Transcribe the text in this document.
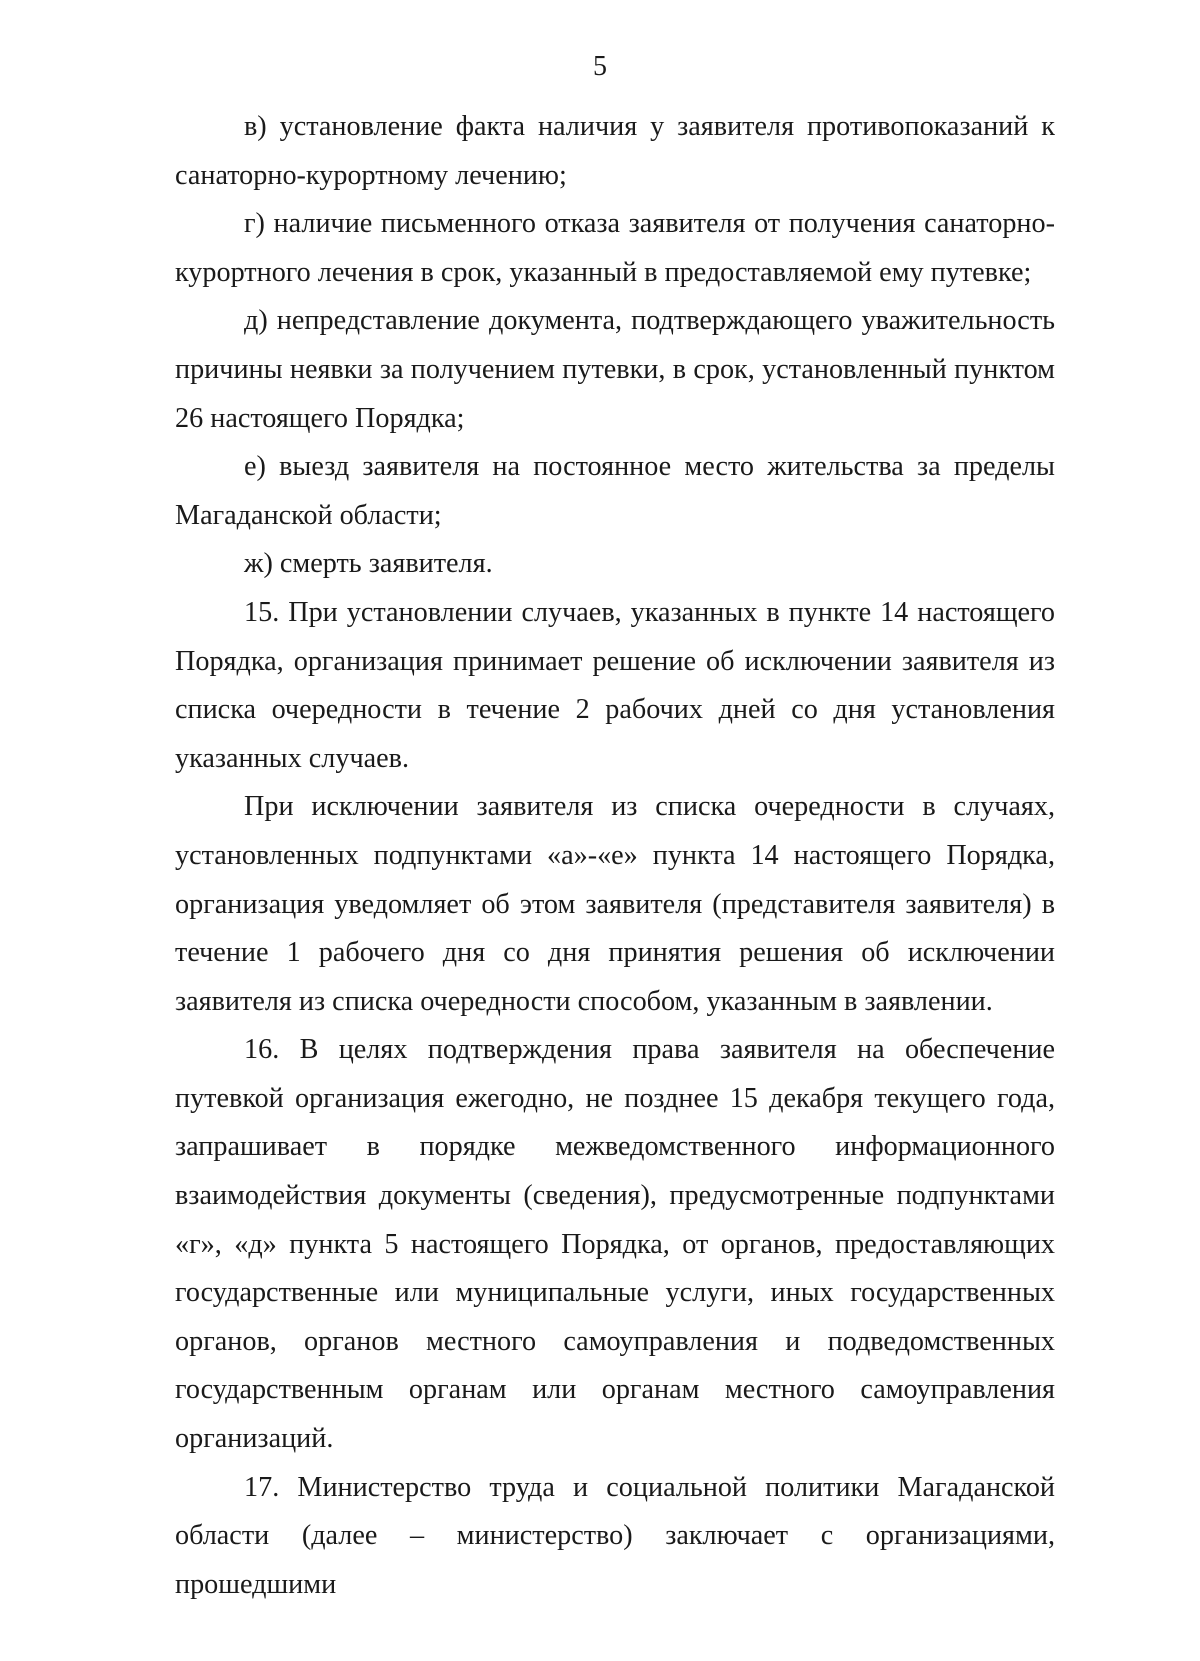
5

в) установление факта наличия у заявителя противопоказаний к санаторно-курортному лечению;

г) наличие письменного отказа заявителя от получения санаторно-курортного лечения в срок, указанный в предоставляемой ему путевке;

д) непредставление документа, подтверждающего уважительность причины неявки за получением путевки, в срок, установленный пунктом 26 настоящего Порядка;

е) выезд заявителя на постоянное место жительства за пределы Магаданской области;

ж) смерть заявителя.

15. При установлении случаев, указанных в пункте 14 настоящего Порядка, организация принимает решение об исключении заявителя из списка очередности в течение 2 рабочих дней со дня установления указанных случаев.

При исключении заявителя из списка очередности в случаях, установленных подпунктами «а»-«е» пункта 14 настоящего Порядка, организация уведомляет об этом заявителя (представителя заявителя) в течение 1 рабочего дня со дня принятия решения об исключении заявителя из списка очередности способом, указанным в заявлении.

16. В целях подтверждения права заявителя на обеспечение путевкой организация ежегодно, не позднее 15 декабря текущего года, запрашивает в порядке межведомственного информационного взаимодействия документы (сведения), предусмотренные подпунктами «г», «д» пункта 5 настоящего Порядка, от органов, предоставляющих государственные или муниципальные услуги, иных государственных органов, органов местного самоуправления и подведомственных государственным органам или органам местного самоуправления организаций.

17. Министерство труда и социальной политики Магаданской области (далее – министерство) заключает с организациями, прошедшими
